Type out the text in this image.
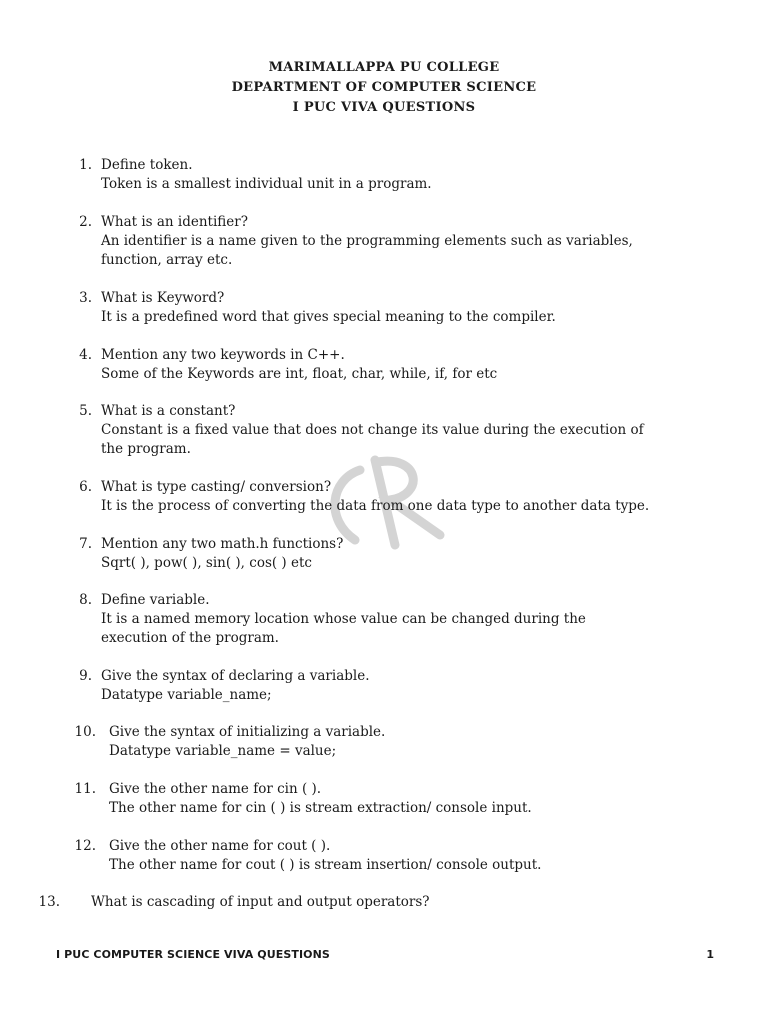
MARIMALLAPPA PU COLLEGE
DEPARTMENT OF COMPUTER SCIENCE
I PUC VIVA QUESTIONS
1. Define token.
Token is a smallest individual unit in a program.
2. What is an identifier?
An identifier is a name given to the programming elements such as variables,
function, array etc.
3. What is Keyword?
It is a predefined word that gives special meaning to the compiler.
4. Mention any two keywords in C++.
Some of the Keywords are int, float, char, while, if, for etc
5. What is a constant?
Constant is a fixed value that does not change its value during the execution of
the program.
6. What is type casting/ conversion?
It is the process of converting the data from one data type to another data type.
7. Mention any two math.h functions?
Sqrt( ), pow( ), sin( ), cos( ) etc
8. Define variable.
It is a named memory location whose value can be changed during the
execution of the program.
9. Give the syntax of declaring a variable.
Datatype variable_name;
10. Give the syntax of initializing a variable.
Datatype variable_name = value;
11. Give the other name for cin ( ).
The other name for cin ( ) is stream extraction/ console input.
12. Give the other name for cout ( ).
The other name for cout ( ) is stream insertion/ console output.
13. What is cascading of input and output operators?
I PUC COMPUTER SCIENCE VIVA QUESTIONS	1
